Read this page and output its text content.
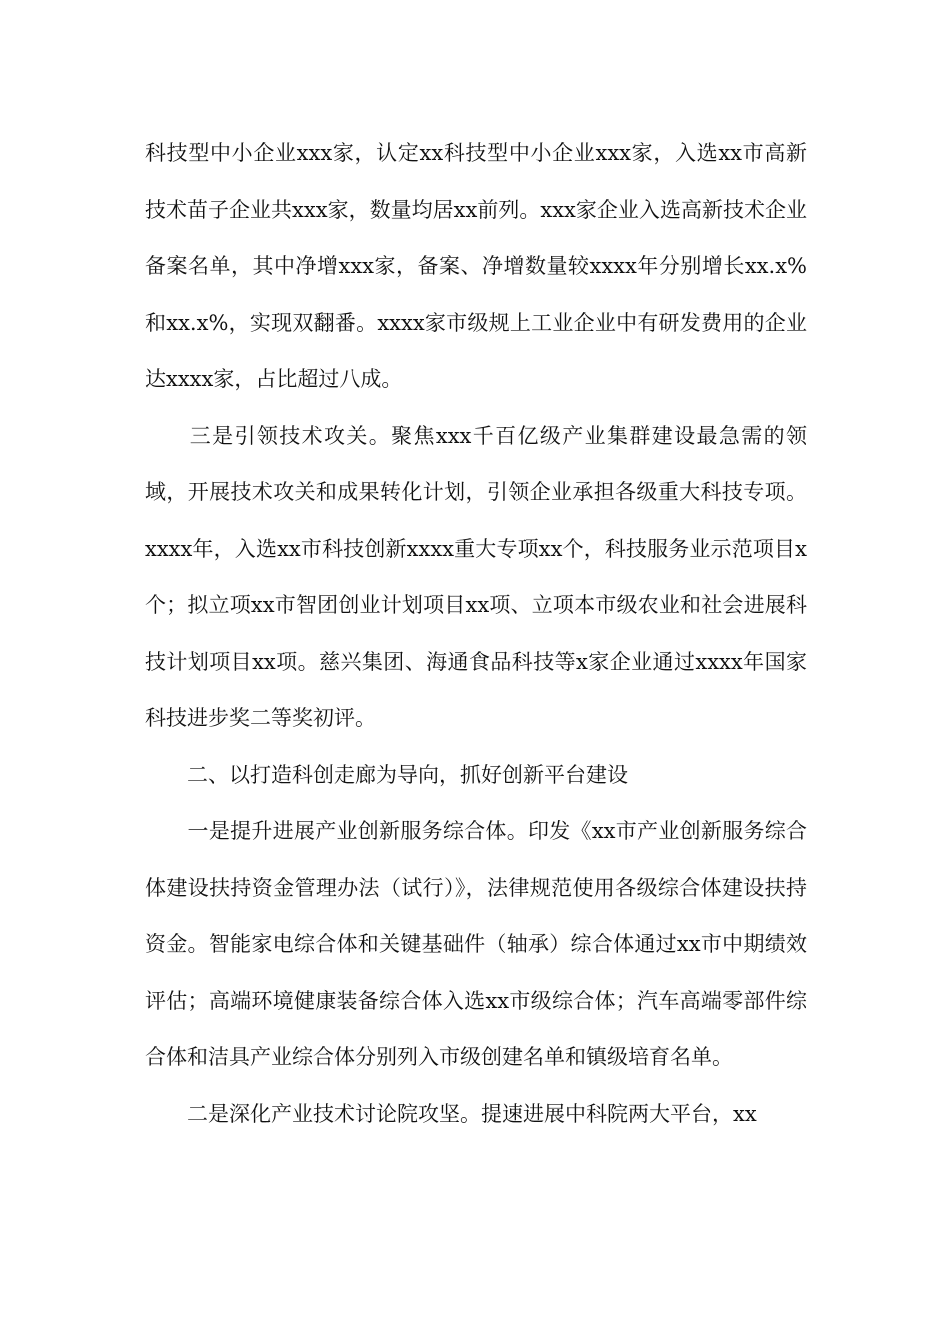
科技型中小企业xxx家，认定xx科技型中小企业xxx家，入选xx市高新技术苗子企业共xxx家，数量均居xx前列。xxx家企业入选高新技术企业备案名单，其中净增xxx家，备案、净增数量较xxxx年分别增长xx.x%和xx.x%，实现双翻番。xxxx家市级规上工业企业中有研发费用的企业达xxxx家，占比超过八成。

　　三是引领技术攻关。聚焦xxx千百亿级产业集群建设最急需的领域，开展技术攻关和成果转化计划，引领企业承担各级重大科技专项。xxxx年，入选xx市科技创新xxxx重大专项xx个，科技服务业示范项目x个；拟立项xx市智团创业计划项目xx项、立项本市级农业和社会进展科技计划项目xx项。慈兴集团、海通食品科技等x家企业通过xxxx年国家科技进步奖二等奖初评。

　　二、以打造科创走廊为导向，抓好创新平台建设

　　一是提升进展产业创新服务综合体。印发《xx市产业创新服务综合体建设扶持资金管理办法（试行）》，法律规范使用各级综合体建设扶持资金。智能家电综合体和关键基础件（轴承）综合体通过xx市中期绩效评估；高端环境健康装备综合体入选xx市级综合体；汽车高端零部件综合体和洁具产业综合体分别列入市级创建名单和镇级培育名单。

　　二是深化产业技术讨论院攻坚。提速进展中科院两大平台，xx
